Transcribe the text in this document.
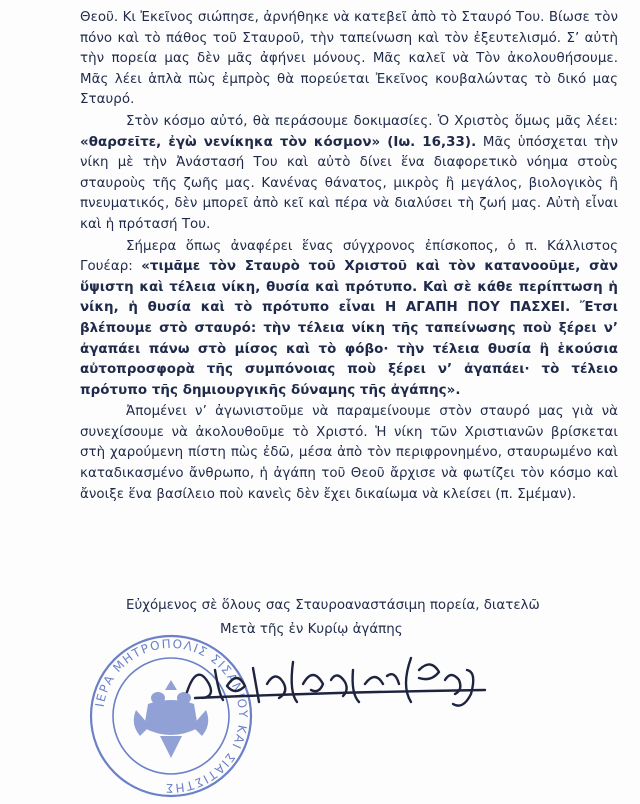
Θεοῦ. Κι Ἐκεῖνος σιώπησε, ἀρνήθηκε νὰ κατεβεῖ ἀπὸ τὸ Σταυρό Του. Βίωσε τὸν πόνο καὶ τὸ πάθος τοῦ Σταυροῦ, τὴν ταπείνωση καὶ τὸν ἐξευτελισμό. Σ’ αὐτὴ τὴν πορεία μας δὲν μᾶς ἀφήνει μόνους. Μᾶς καλεῖ νὰ Τὸν ἀκολουθήσουμε. Μᾶς λέει ἁπλὰ πὼς ἐμπρὸς θὰ πορεύεται Ἐκεῖνος κουβαλώντας τὸ δικό μας Σταυρό.

Στὸν κόσμο αὐτό, θὰ περάσουμε δοκιμασίες. Ὁ Χριστὸς ὅμως μᾶς λέει: «θαρσεῖτε, ἐγὼ νενίκηκα τὸν κόσμον» (Ιω. 16,33). Μᾶς ὑπόσχεται τὴν νίκη μὲ τὴν Ἀνάστασή Του καὶ αὐτὸ δίνει ἕνα διαφορετικὸ νόημα στοὺς σταυροὺς τῆς ζωῆς μας. Κανένας θάνατος, μικρὸς ἢ μεγάλος, βιολογικὸς ἢ πνευματικός, δὲν μπορεῖ ἀπὸ κεῖ καὶ πέρα νὰ διαλύσει τὴ ζωή μας. Αὐτὴ εἶναι καὶ ἡ πρότασή Του.

Σήμερα ὅπως ἀναφέρει ἕνας σύγχρονος ἐπίσκοπος, ὁ π. Κάλλιστος Γουέαρ: «τιμᾶμε τὸν Σταυρὸ τοῦ Χριστοῦ καὶ τὸν κατανοοῦμε, σὰν ὕψιστη καὶ τέλεια νίκη, θυσία καὶ πρότυπο. Καὶ σὲ κάθε περίπτωση ἡ νίκη, ἡ θυσία καὶ τὸ πρότυπο εἶναι Η ΑΓΑΠΗ ΠΟΥ ΠΑΣΧΕΙ. Ἔτσι βλέπουμε στὸ σταυρό: τὴν τέλεια νίκη τῆς ταπείνωσης ποὺ ξέρει ν’ ἀγαπάει πάνω στὸ μίσος καὶ τὸ φόβο· τὴν τέλεια θυσία ἢ ἑκούσια αὐτοπροσφορὰ τῆς συμπόνοιας ποὺ ξέρει ν’ ἀγαπάει· τὸ τέλειο πρότυπο τῆς δημιουργικῆς δύναμης τῆς ἀγάπης».

Ἀπομένει ν’ ἀγωνιστοῦμε νὰ παραμείνουμε στὸν σταυρό μας γιὰ νὰ συνεχίσουμε νὰ ἀκολουθοῦμε τὸ Χριστό. Ἡ νίκη τῶν Χριστιανῶν βρίσκεται στὴ χαρούμενη πίστη πὼς ἐδῶ, μέσα ἀπὸ τὸν περιφρονημένο, σταυρωμένο καὶ καταδικασμένο ἄνθρωπο, ἡ ἀγάπη τοῦ Θεοῦ ἄρχισε νὰ φωτίζει τὸν κόσμο καὶ ἄνοιξε ἕνα βασίλειο ποὺ κανεὶς δὲν ἔχει δικαίωμα νὰ κλείσει (π. Σμέμαν).

Εὐχόμενος σὲ ὅλους σας Σταυροαναστάσιμη πορεία, διατελῶ
Μετὰ τῆς ἐν Κυρίῳ ἀγάπης
ΙΕΡΑ ΜΗΤΡΟΠΟΛΙΣ ΣΙΣΑΝΙΟΥ ΚΑΙ ΣΙΑΤΙΣΤΗΣ
